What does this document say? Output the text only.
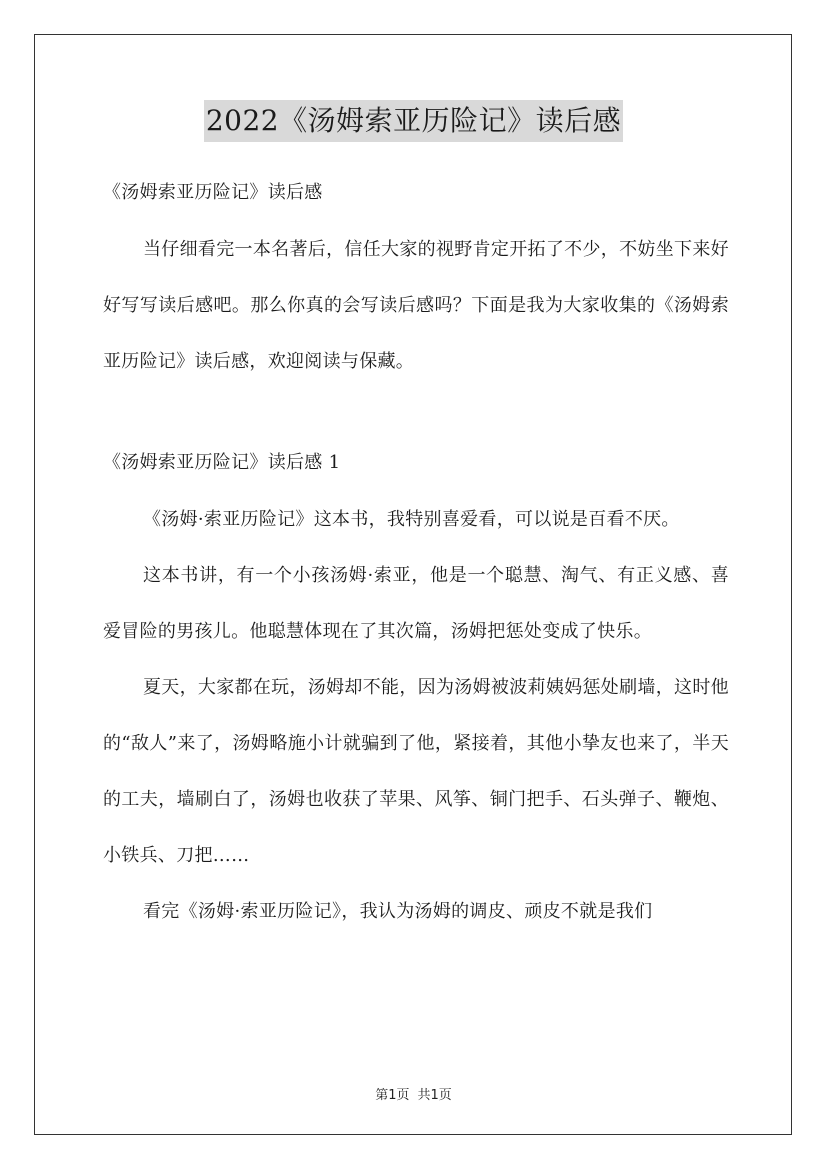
2022《汤姆索亚历险记》读后感

《汤姆索亚历险记》读后感

当仔细看完一本名著后，信任大家的视野肯定开拓了不少，不妨坐下来好好写写读后感吧。那么你真的会写读后感吗？下面是我为大家收集的《汤姆索亚历险记》读后感，欢迎阅读与保藏。

《汤姆索亚历险记》读后感 1

《汤姆·索亚历险记》这本书，我特别喜爱看，可以说是百看不厌。

这本书讲，有一个小孩汤姆·索亚，他是一个聪慧、淘气、有正义感、喜爱冒险的男孩儿。他聪慧体现在了其次篇，汤姆把惩处变成了快乐。

夏天，大家都在玩，汤姆却不能，因为汤姆被波莉姨妈惩处刷墙，这时他的“敌人”来了，汤姆略施小计就骗到了他，紧接着，其他小挚友也来了，半天的工夫，墙刷白了，汤姆也收获了苹果、风筝、铜门把手、石头弹子、鞭炮、小铁兵、刀把……

看完《汤姆·索亚历险记》，我认为汤姆的调皮、顽皮不就是我们

第1页 共1页
